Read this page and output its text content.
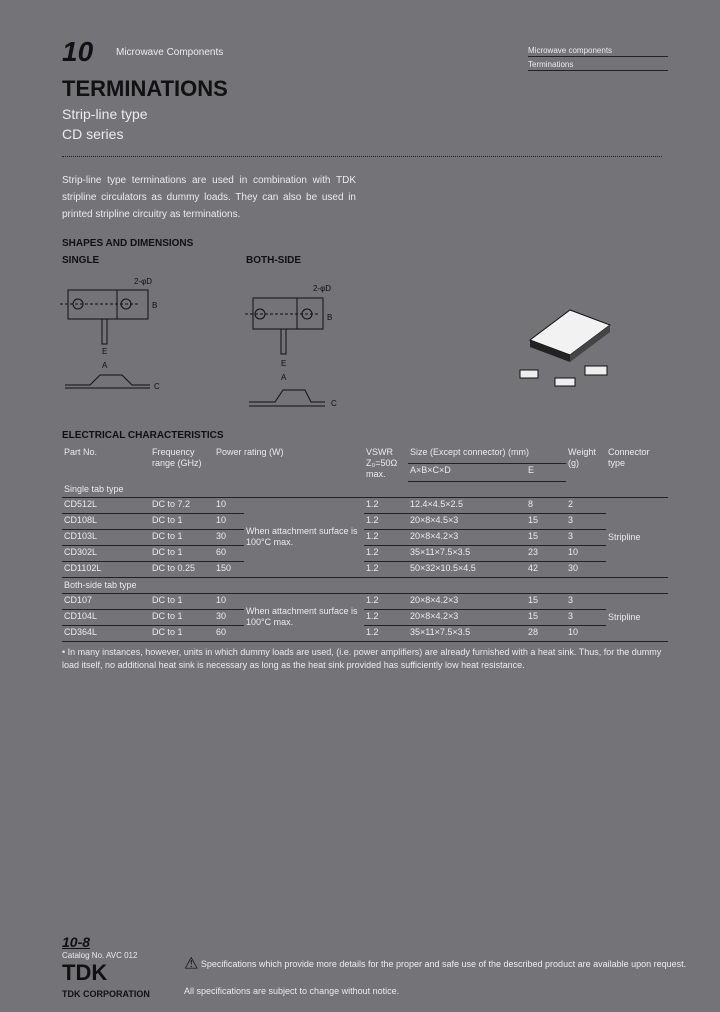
10 Microwave Components	Microwave components
Terminations
TERMINATIONS
Strip-line type
CD series

Strip-line type terminations are used in combination with TDK stripline circulators as dummy loads. They can also be used in printed stripline circuitry as terminations.

SHAPES AND DIMENSIONS
SINGLE	BOTH-SIDE
2-φD
B
E
A
C
2-φD
B
E
A
C
ELECTRICAL CHARACTERISTICS
Part No.	Frequency range (GHz)	Power rating (W)		VSWR Z₀=50Ω max.	Size (Except connector) (mm)		Weight (g)	Connector type
					A×B×C×D	E		
Single tab type								
CD512L	DC to 7.2	10	When attachment surface is 100°C max.	1.2	12.4×4.5×2.5	8	2	Stripline
CD108L	DC to 1	10		1.2	20×8×4.5×3	15	3	
CD103L	DC to 1	30		1.2	20×8×4.2×3	15	3	
CD302L	DC to 1	60		1.2	35×11×7.5×3.5	23	10	
CD1102L	DC to 0.25	150		1.2	50×32×10.5×4.5	42	30	
Both-side tab type								
CD107	DC to 1	10	When attachment surface is 100°C max.	1.2	20×8×4.2×3	15	3	Stripline
CD104L	DC to 1	30		1.2	20×8×4.2×3	15	3	
CD364L	DC to 1	60		1.2	35×11×7.5×3.5	28	10	

• In many instances, however, units in which dummy loads are used, (i.e. power amplifiers) are already furnished with a heat sink. Thus, for the dummy load itself, no additional heat sink is necessary as long as the heat sink provided has sufficiently low heat resistance.

10-8
Catalog No. AVC 012
TDK
TDK CORPORATION
⚠ Specifications which provide more details for the proper and safe use of the described product are available upon request.
All specifications are subject to change without notice.
